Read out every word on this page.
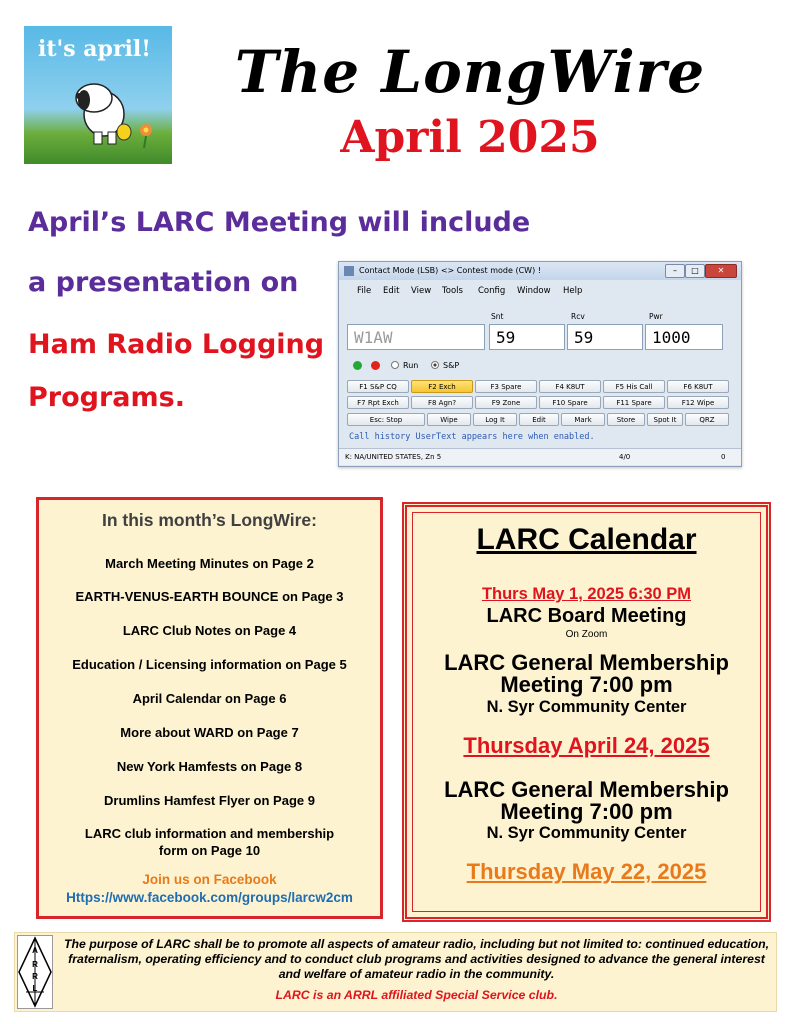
it's april!	The LongWire
April 2025
April’s LARC Meeting will include
a presentation on
Ham Radio Logging
Programs.
Contact Mode (LSB) <> Contest mode (CW) !	–	□	✕
File Edit View Tools Config Window Help
Snt	Rcv	Pwr
W1AW	59	59	1000
Run	S&P
F1 S&P CQ	F2 Exch	F3 Spare	F4 K8UT	F5 His Call	F6 K8UT
F7 Rpt Exch	F8 Agn?	F9 Zone	F10 Spare	F11 Spare	F12 Wipe
Esc: Stop	Wipe	Log It	Edit	Mark	Store	Spot It	QRZ
Call history UserText appears here when enabled.
K: NA/UNITED STATES, Zn 5	4/0	0
In this month’s LongWire:
March Meeting Minutes on Page 2
EARTH-VENUS-EARTH BOUNCE on Page 3
LARC Club Notes on Page 4
Education / Licensing information on Page 5
April Calendar on Page 6
More about WARD on Page 7
New York Hamfests on Page 8
Drumlins Hamfest Flyer on Page 9
LARC club information and membership
form on Page 10
Join us on Facebook
Https://www.facebook.com/groups/larcw2cm
LARC Calendar
Thurs May 1, 2025 6:30 PM
LARC Board Meeting
On Zoom
LARC General Membership
Meeting 7:00 pm
N. Syr Community Center
Thursday April 24, 2025
LARC General Membership
Meeting 7:00 pm
N. Syr Community Center
Thursday May 22, 2025
A
R
R
L
The purpose of LARC shall be to promote all aspects of amateur radio, including but not limited to: continued education, fraternalism, operating efficiency and to conduct club programs and activities designed to advance the general interest and welfare of amateur radio in the community.
LARC is an ARRL affiliated Special Service club.
